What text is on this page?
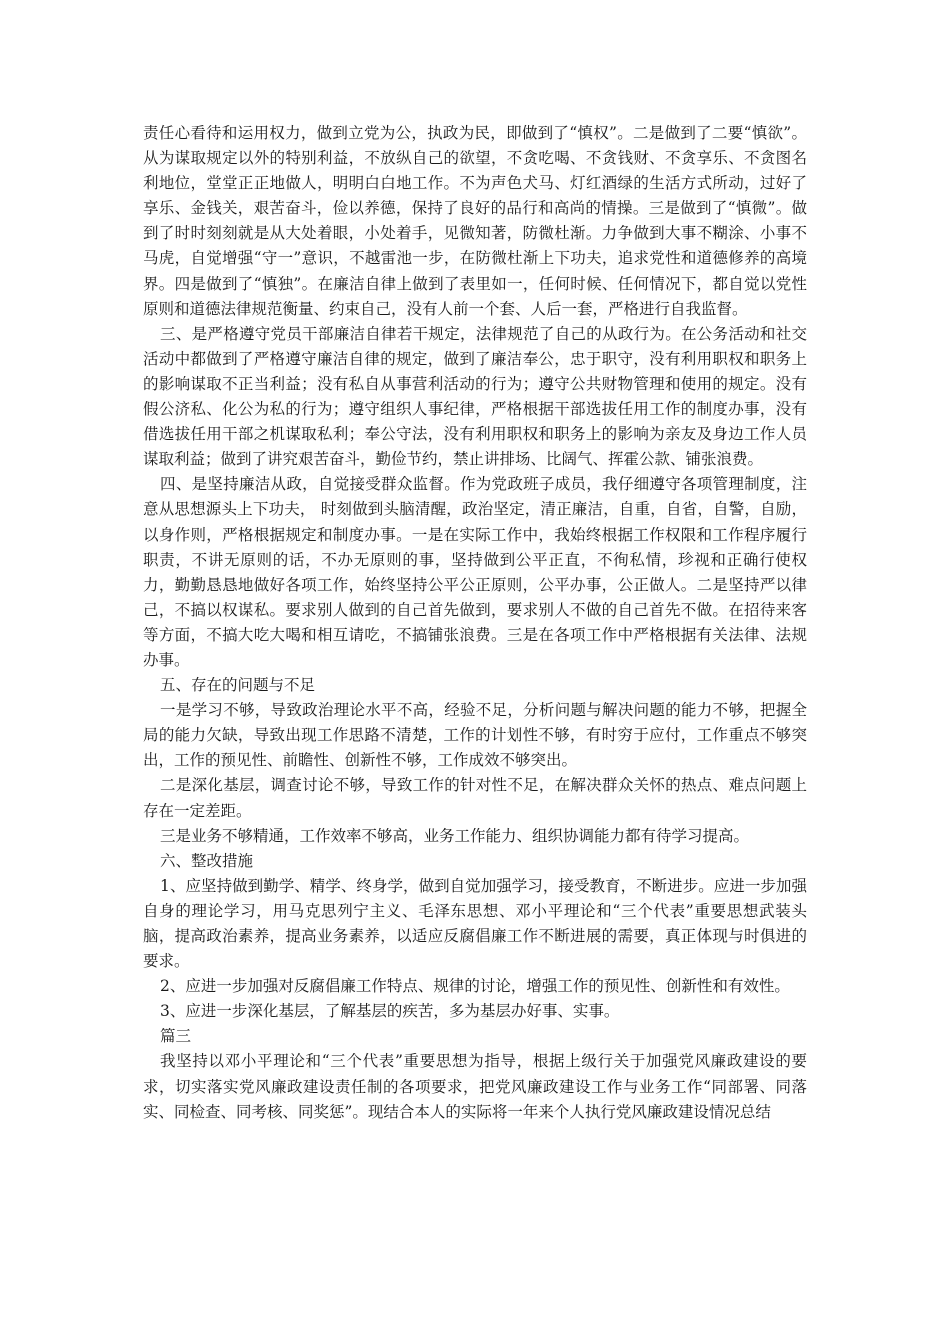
责任心看待和运用权力，做到立党为公，执政为民，即做到了“慎权”。二是做到了二要“慎欲”。从为谋取规定以外的特别利益，不放纵自己的欲望，不贪吃喝、不贪钱财、不贪享乐、不贪图名利地位，堂堂正正地做人，明明白白地工作。不为声色犬马、灯红酒绿的生活方式所动，过好了享乐、金钱关，艰苦奋斗，俭以养德，保持了良好的品行和高尚的情操。三是做到了“慎微”。做到了时时刻刻就是从大处着眼，小处着手，见微知著，防微杜渐。力争做到大事不糊涂、小事不马虎，自觉增强“守一”意识，不越雷池一步，在防微杜渐上下功夫，追求党性和道德修养的高境界。四是做到了“慎独”。在廉洁自律上做到了表里如一，任何时候、任何情况下，都自觉以党性原则和道德法律规范衡量、约束自己，没有人前一个套、人后一套，严格进行自我监督。

三、是严格遵守党员干部廉洁自律若干规定，法律规范了自己的从政行为。在公务活动和社交活动中都做到了严格遵守廉洁自律的规定，做到了廉洁奉公，忠于职守，没有利用职权和职务上的影响谋取不正当利益；没有私自从事营利活动的行为；遵守公共财物管理和使用的规定。没有假公济私、化公为私的行为；遵守组织人事纪律，严格根据干部选拔任用工作的制度办事，没有借选拔任用干部之机谋取私利；奉公守法，没有利用职权和职务上的影响为亲友及身边工作人员谋取利益；做到了讲究艰苦奋斗，勤俭节约，禁止讲排场、比阔气、挥霍公款、铺张浪费。

四、是坚持廉洁从政，自觉接受群众监督。作为党政班子成员，我仔细遵守各项管理制度，注意从思想源头上下功夫， 时刻做到头脑清醒，政治坚定，清正廉洁，自重，自省，自警，自励，以身作则，严格根据规定和制度办事。一是在实际工作中，我始终根据工作权限和工作程序履行职责，不讲无原则的话，不办无原则的事，坚持做到公平正直，不徇私情，珍视和正确行使权力，勤勤恳恳地做好各项工作，始终坚持公平公正原则，公平办事，公正做人。二是坚持严以律己，不搞以权谋私。要求别人做到的自己首先做到，要求别人不做的自己首先不做。在招待来客等方面，不搞大吃大喝和相互请吃，不搞铺张浪费。三是在各项工作中严格根据有关法律、法规办事。

五、存在的问题与不足

一是学习不够，导致政治理论水平不高，经验不足，分析问题与解决问题的能力不够，把握全局的能力欠缺，导致出现工作思路不清楚，工作的计划性不够，有时穷于应付，工作重点不够突出，工作的预见性、前瞻性、创新性不够，工作成效不够突出。

二是深化基层，调查讨论不够，导致工作的针对性不足，在解决群众关怀的热点、难点问题上存在一定差距。

三是业务不够精通，工作效率不够高，业务工作能力、组织协调能力都有待学习提高。

六、整改措施

1、应坚持做到勤学、精学、终身学，做到自觉加强学习，接受教育，不断进步。应进一步加强自身的理论学习，用马克思列宁主义、毛泽东思想、邓小平理论和“三个代表”重要思想武装头脑，提高政治素养，提高业务素养，以适应反腐倡廉工作不断进展的需要，真正体现与时俱进的要求。

2、应进一步加强对反腐倡廉工作特点、规律的讨论，增强工作的预见性、创新性和有效性。

3、应进一步深化基层，了解基层的疾苦，多为基层办好事、实事。

篇三

我坚持以邓小平理论和“三个代表”重要思想为指导，根据上级行关于加强党风廉政建设的要求，切实落实党风廉政建设责任制的各项要求，把党风廉政建设工作与业务工作“同部署、同落实、同检查、同考核、同奖惩”。现结合本人的实际将一年来个人执行党风廉政建设情况总结
